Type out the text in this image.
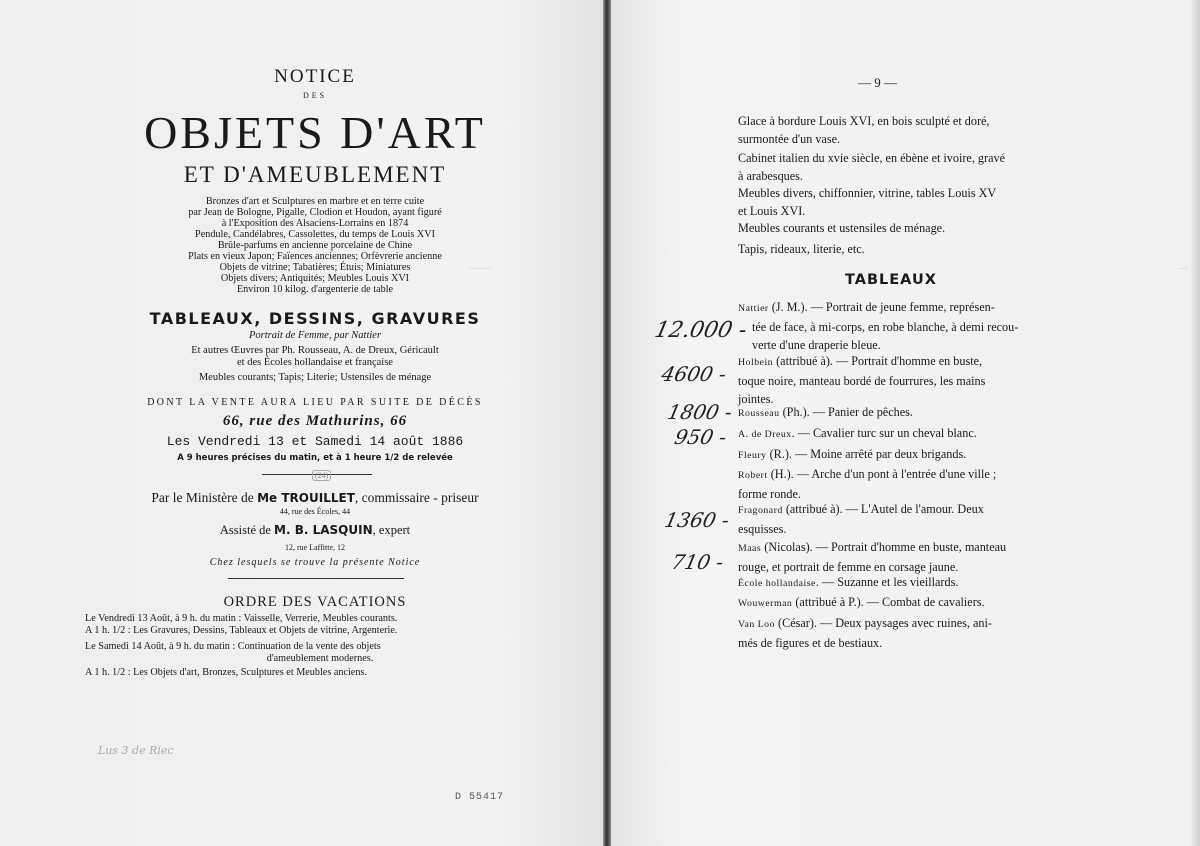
NOTICE
DES
OBJETS D'ART
ET D'AMEUBLEMENT
Bronzes d'art et Sculptures en marbre et en terre cuite
par Jean de Bologne, Pigalle, Clodion et Houdon, ayant figuré
à l'Exposition des Alsaciens-Lorrains en 1874
Pendule, Candélabres, Cassolettes, du temps de Louis XVI
Brûle-parfums en ancienne porcelaine de Chine
Plats en vieux Japon; Faïences anciennes; Orfèvrerie ancienne
Objets de vitrine; Tabatières; Étuis; Miniatures
Objets divers; Antiquités; Meubles Louis XVI
Environ 10 kilog. d'argenterie de table
TABLEAUX, DESSINS, GRAVURES
Portrait de Femme, par Nattier
Et autres Œuvres par Ph. Rousseau, A. de Dreux, Géricault
et des Écoles hollandaise et française
Meubles courants; Tapis; Literie; Ustensiles de ménage
DONT LA VENTE AURA LIEU PAR SUITE DE DÉCÈS
66, rue des Mathurins, 66
Les Vendredi 13 et Samedi 14 août 1886
A 9 heures précises du matin, et à 1 heure 1/2 de relevée
(24)
Par le Ministère de Me TROUILLET, commissaire - priseur
44, rue des Écoles, 44
Assisté de M. B. LASQUIN, expert
12, rue Laffitte, 12
Chez lesquels se trouve la présente Notice
ORDRE DES VACATIONS
Le Vendredi 13 Août, à 9 h. du matin : Vaisselle, Verrerie, Meubles courants.
A 1 h. 1/2 : Les Gravures, Dessins, Tableaux et Objets de vitrine, Argenterie.
Le Samedi 14 Août, à 9 h. du matin : Continuation de la vente des objets
d'ameublement modernes.
A 1 h. 1/2 : Les Objets d'art, Bronzes, Sculptures et Meubles anciens.
Lus 3 de Riec
D 55417
— 9 —
Glace à bordure Louis XVI, en bois sculpté et doré,
surmontée d'un vase.
Cabinet italien du xvie siècle, en ébène et ivoire, gravé
à arabesques.
Meubles divers, chiffonnier, vitrine, tables Louis XV
et Louis XVI.
Meubles courants et ustensiles de ménage.
Tapis, rideaux, literie, etc.
———	—
TABLEAUX
Nattier (J. M.). — Portrait de jeune femme, représen-
tée de face, à mi-corps, en robe blanche, à demi recou-
verte d'une draperie bleue.
Holbein (attribué à). — Portrait d'homme en buste,
toque noire, manteau bordé de fourrures, les mains
jointes.
Rousseau (Ph.). — Panier de pêches.
A. de Dreux. — Cavalier turc sur un cheval blanc.
Fleury (R.). — Moine arrêté par deux brigands.
Robert (H.). — Arche d'un pont à l'entrée d'une ville ;
forme ronde.
Fragonard (attribué à). — L'Autel de l'amour. Deux
esquisses.
Maas (Nicolas). — Portrait d'homme en buste, manteau
rouge, et portrait de femme en corsage jaune.
École hollandaise. — Suzanne et les vieillards.
Wouwerman (attribué à P.). — Combat de cavaliers.
Van Loo (César). — Deux paysages avec ruines, ani-
més de figures et de bestiaux.
12.000 -
4600 -
1800 -
950 -
1360 -
710 -
